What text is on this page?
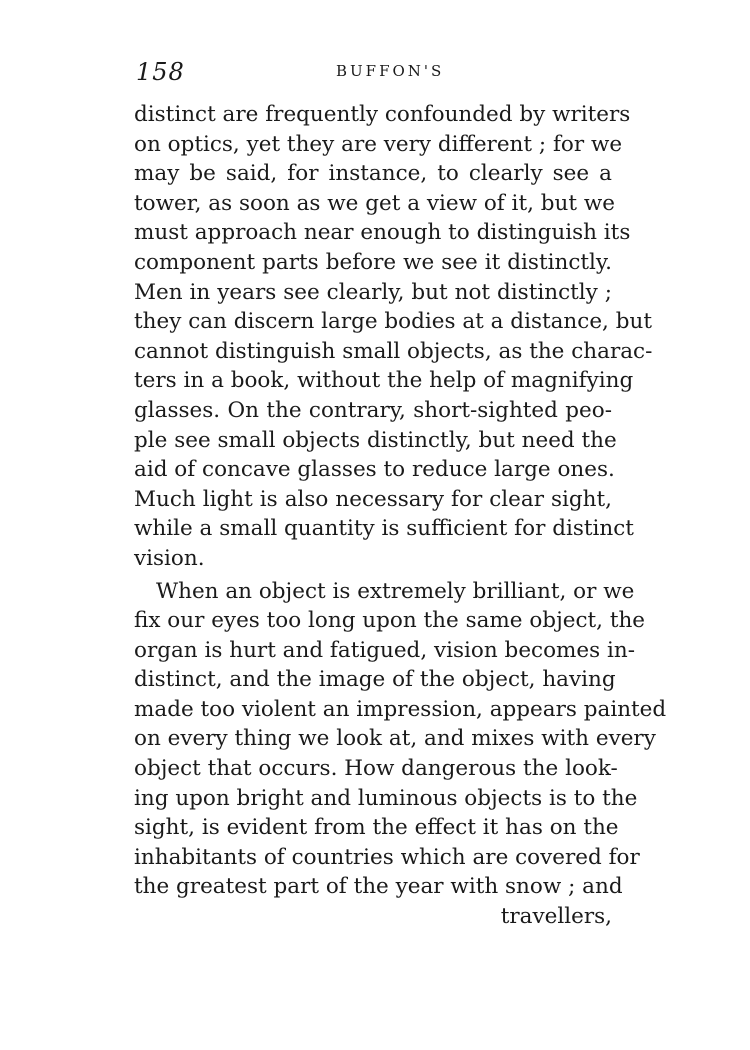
158	BUFFON'S
distinct are frequently confounded by writers
on optics, yet they are very different ; for we
may be said, for instance, to clearly see a
tower, as soon as we get a view of it, but we
must approach near enough to distinguish its
component parts before we see it distinctly.
Men in years see clearly, but not distinctly ;
they can discern large bodies at a distance, but
cannot distinguish small objects, as the charac-
ters in a book, without the help of magnifying
glasses. On the contrary, short-sighted peo-
ple see small objects distinctly, but need the
aid of concave glasses to reduce large ones.
Much light is also necessary for clear sight,
while a small quantity is sufficient for distinct
vision.
When an object is extremely brilliant, or we
fix our eyes too long upon the same object, the
organ is hurt and fatigued, vision becomes in-
distinct, and the image of the object, having
made too violent an impression, appears painted
on every thing we look at, and mixes with every
object that occurs. How dangerous the look-
ing upon bright and luminous objects is to the
sight, is evident from the effect it has on the
inhabitants of countries which are covered for
the greatest part of the year with snow ; and
travellers,
